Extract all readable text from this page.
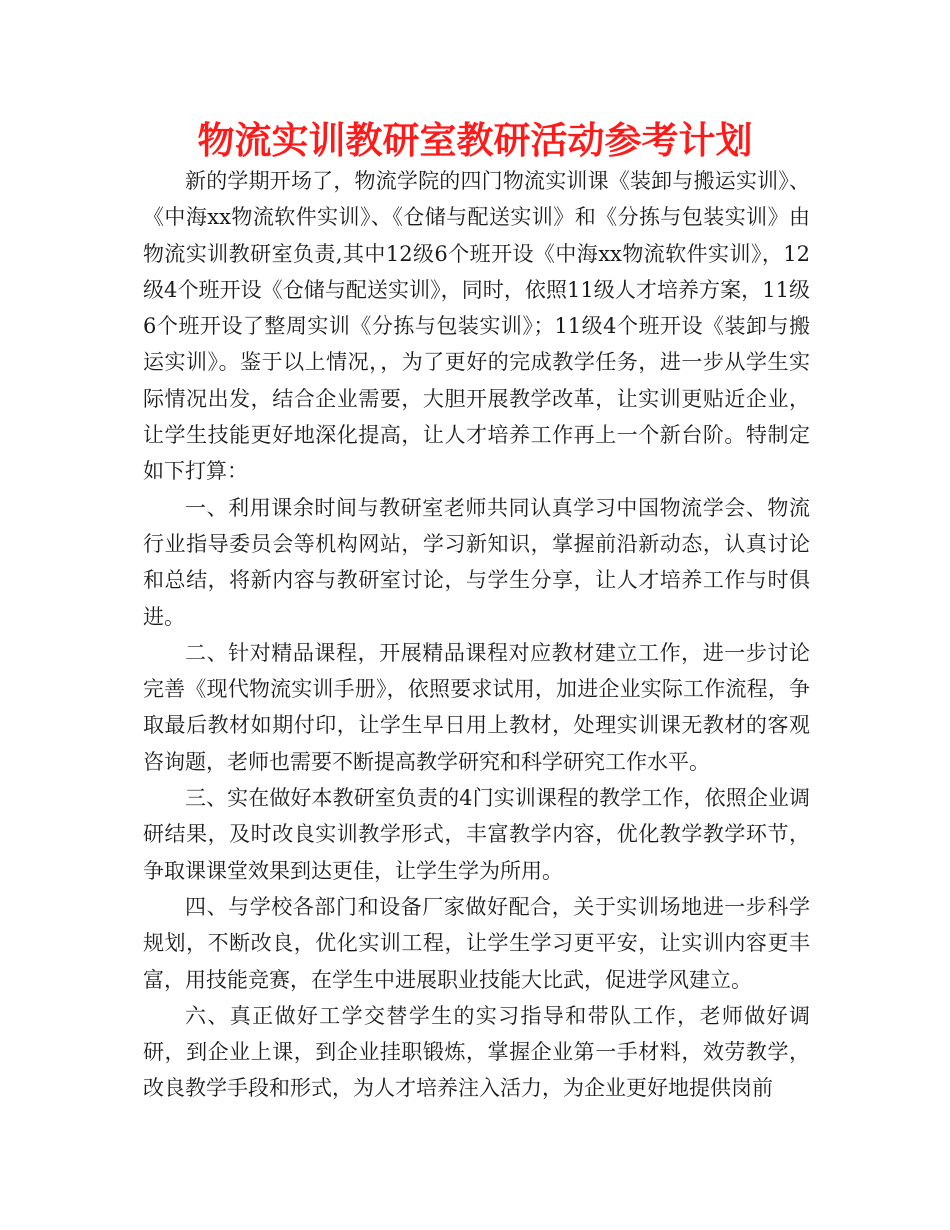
物流实训教研室教研活动参考计划

新的学期开场了，物流学院的四门物流实训课《装卸与搬运实训》、《中海xx物流软件实训》、《仓储与配送实训》和《分拣与包装实训》由物流实训教研室负责,其中12级6个班开设《中海xx物流软件实训》，12级4个班开设《仓储与配送实训》，同时，依照11级人才培养方案，11级6个班开设了整周实训《分拣与包装实训》；11级4个班开设《装卸与搬运实训》。鉴于以上情况，，为了更好的完成教学任务，进一步从学生实际情况出发，结合企业需要，大胆开展教学改革，让实训更贴近企业，让学生技能更好地深化提高，让人才培养工作再上一个新台阶。特制定如下打算：

一、利用课余时间与教研室老师共同认真学习中国物流学会、物流行业指导委员会等机构网站，学习新知识，掌握前沿新动态，认真讨论和总结，将新内容与教研室讨论，与学生分享，让人才培养工作与时俱进。

二、针对精品课程，开展精品课程对应教材建立工作，进一步讨论完善《现代物流实训手册》，依照要求试用，加进企业实际工作流程，争取最后教材如期付印，让学生早日用上教材，处理实训课无教材的客观咨询题，老师也需要不断提高教学研究和科学研究工作水平。

三、实在做好本教研室负责的4门实训课程的教学工作，依照企业调研结果，及时改良实训教学形式，丰富教学内容，优化教学教学环节，争取课课堂效果到达更佳，让学生学为所用。

四、与学校各部门和设备厂家做好配合，关于实训场地进一步科学规划，不断改良，优化实训工程，让学生学习更平安，让实训内容更丰富，用技能竞赛，在学生中进展职业技能大比武，促进学风建立。

六、真正做好工学交替学生的实习指导和带队工作，老师做好调研，到企业上课，到企业挂职锻炼，掌握企业第一手材料，效劳教学，改良教学手段和形式，为人才培养注入活力，为企业更好地提供岗前
